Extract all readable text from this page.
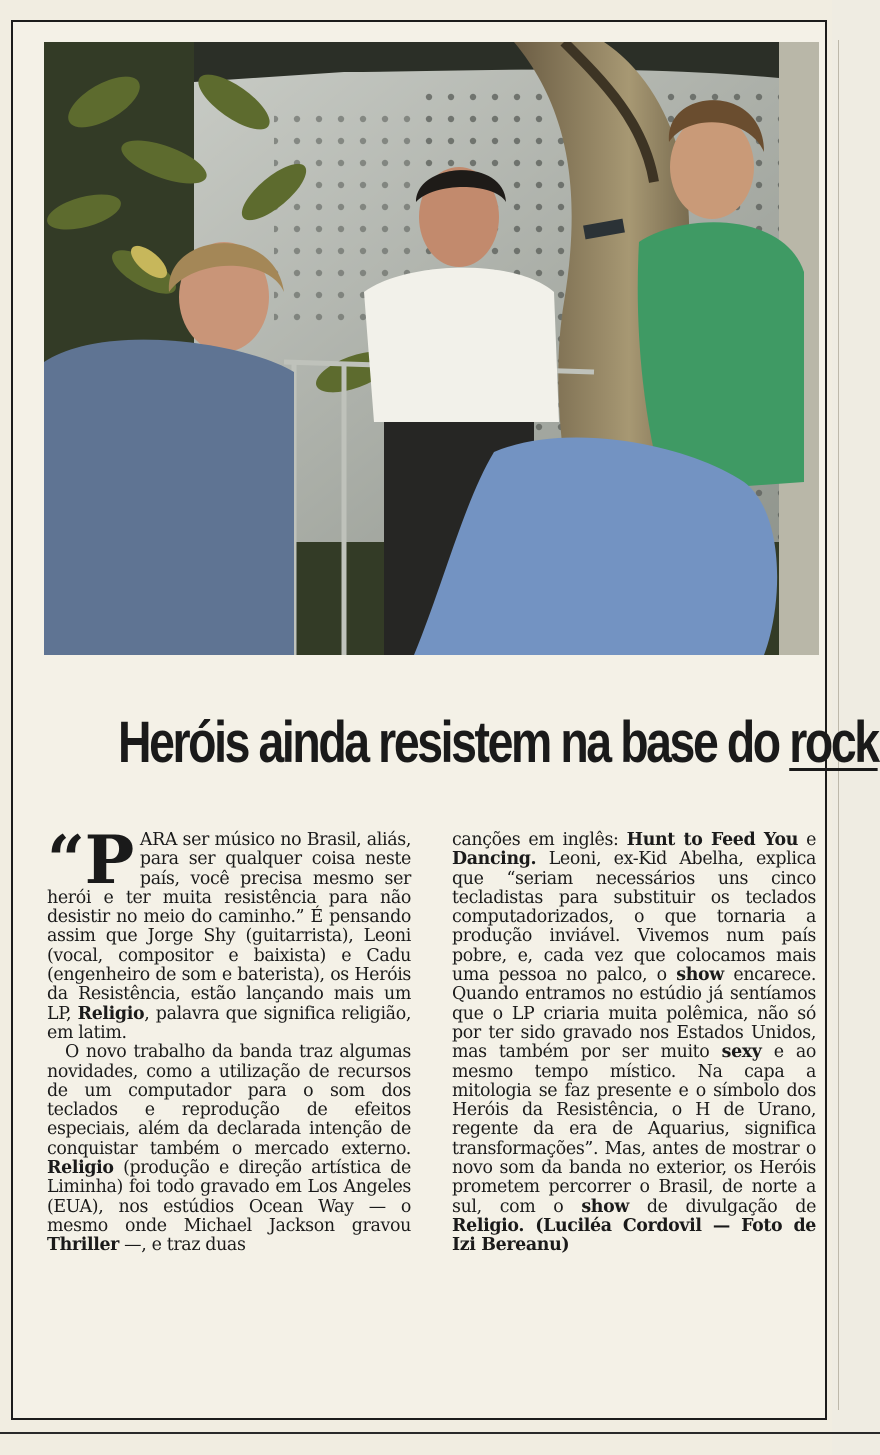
Heróis ainda resistem na base do rock

“P ARA ser músico no Brasil, aliás, para ser qualquer coisa neste país, você precisa mesmo ser herói e ter muita resistência para não desistir no meio do caminho.” É pensando assim que Jorge Shy (guitarrista), Leoni (vocal, compositor e baixista) e Cadu (engenheiro de som e baterista), os Heróis da Resistência, estão lançando mais um LP, Religio, palavra que significa religião, em latim.

O novo trabalho da banda traz algumas novidades, como a utilização de recursos de um computador para o som dos teclados e reprodução de efeitos especiais, além da declarada intenção de conquistar também o mercado externo. Religio (produção e direção artística de Liminha) foi todo gravado em Los Angeles (EUA), nos estúdios Ocean Way — o mesmo onde Michael Jackson gravou Thriller —, e traz duas

canções em inglês: Hunt to Feed You e Dancing. Leoni, ex-Kid Abelha, explica que “seriam necessários uns cinco tecladistas para substituir os teclados computadorizados, o que tornaria a produção inviável. Vivemos num país pobre, e, cada vez que colocamos mais uma pessoa no palco, o show encarece. Quando entramos no estúdio já sentíamos que o LP criaria muita polêmica, não só por ter sido gravado nos Estados Unidos, mas também por ser muito sexy e ao mesmo tempo místico. Na capa a mitologia se faz presente e o símbolo dos Heróis da Resistência, o H de Urano, regente da era de Aquarius, significa transformações”. Mas, antes de mostrar o novo som da banda no exterior, os Heróis prometem percorrer o Brasil, de norte a sul, com o show de divulgação de Religio. (Luciléa Cordovil — Foto de Izi Bereanu)
